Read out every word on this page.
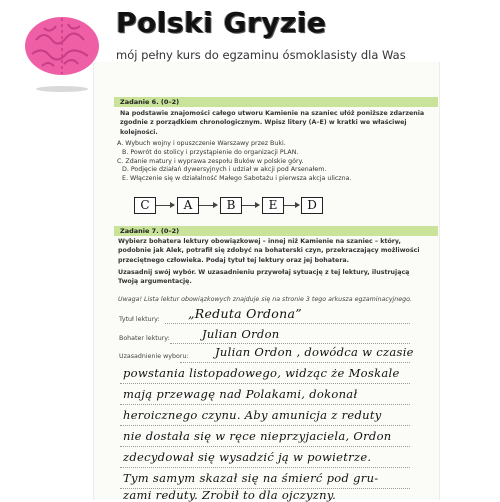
Polski Gryzie
mój pełny kurs do egzaminu ósmoklasisty dla Was
Zadanie 6. (0–2)
Na podstawie znajomości całego utworu Kamienie na szaniec ułóż poniższe zdarzenia
zgodnie z porządkiem chronologicznym. Wpisz litery (A–E) w kratki we właściwej
kolejności.
A. Wybuch wojny i opuszczenie Warszawy przez Buki.
B. Powrót do stolicy i przystąpienie do organizacji PLAN.
C. Zdanie matury i wyprawa zespołu Buków w polskie góry.
D. Podjęcie działań dywersyjnych i udział w akcji pod Arsenałem.
E. Włączenie się w działalność Małego Sabotażu i pierwsza akcja uliczna.
C	A	B	E	D
Zadanie 7. (0–2)
Wybierz bohatera lektury obowiązkowej – innej niż Kamienie na szaniec – który,
podobnie jak Alek, potrafił się zdobyć na bohaterski czyn, przekraczający możliwości
przeciętnego człowieka. Podaj tytuł tej lektury oraz jej bohatera.
Uzasadnij swój wybór. W uzasadnieniu przywołaj sytuację z tej lektury, ilustrującą
Twoją argumentację.
Uwaga! Lista lektur obowiązkowych znajduje się na stronie 3 tego arkusza egzaminacyjnego.
Tytuł lektury: „Reduta Ordona”
Bohater lektury:	Julian Ordon
Uzasadnienie wyboru: Julian Ordon , dowódca w czasie
powstania listopadowego, widząc że Moskale
mają przewagę nad Polakami, dokonał
heroicznego czynu. Aby amunicja z reduty
nie dostała się w ręce nieprzyjaciela, Ordon
zdecydował się wysadzić ją w powietrze.
Tym samym skazał się na śmierć pod gru-
zami reduty. Zrobił to dla ojczyzny.
